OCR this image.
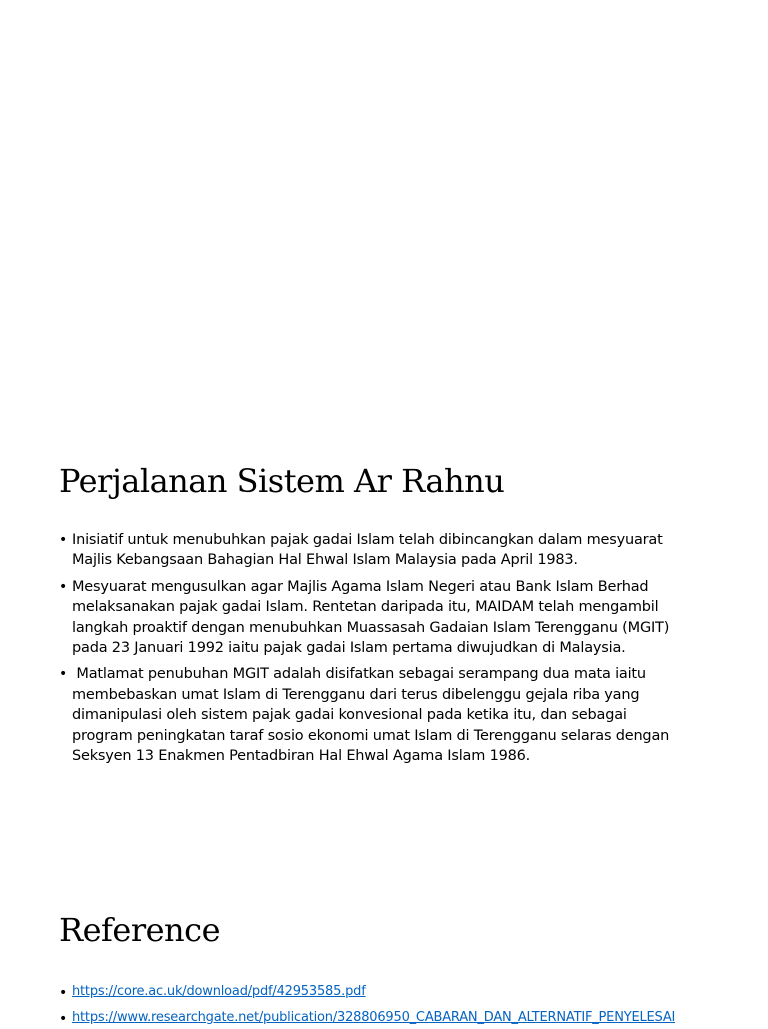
Perjalanan Sistem Ar Rahnu
• Inisiatif untuk menubuhkan pajak gadai Islam telah dibincangkan dalam mesyuarat
Majlis Kebangsaan Bahagian Hal Ehwal Islam Malaysia pada April 1983.
• Mesyuarat mengusulkan agar Majlis Agama Islam Negeri atau Bank Islam Berhad
melaksanakan pajak gadai Islam. Rentetan daripada itu, MAIDAM telah mengambil
langkah proaktif dengan menubuhkan Muassasah Gadaian Islam Terengganu (MGIT)
pada 23 Januari 1992 iaitu pajak gadai Islam pertama diwujudkan di Malaysia.
• Matlamat penubuhan MGIT adalah disifatkan sebagai serampang dua mata iaitu
membebaskan umat Islam di Terengganu dari terus dibelenggu gejala riba yang
dimanipulasi oleh sistem pajak gadai konvesional pada ketika itu, dan sebagai
program peningkatan taraf sosio ekonomi umat Islam di Terengganu selaras dengan
Seksyen 13 Enakmen Pentadbiran Hal Ehwal Agama Islam 1986.
Reference
• https://core.ac.uk/download/pdf/42953585.pdf
• https://www.researchgate.net/publication/328806950_CABARAN_DAN_ALTERNATIF_PENYELESAI
